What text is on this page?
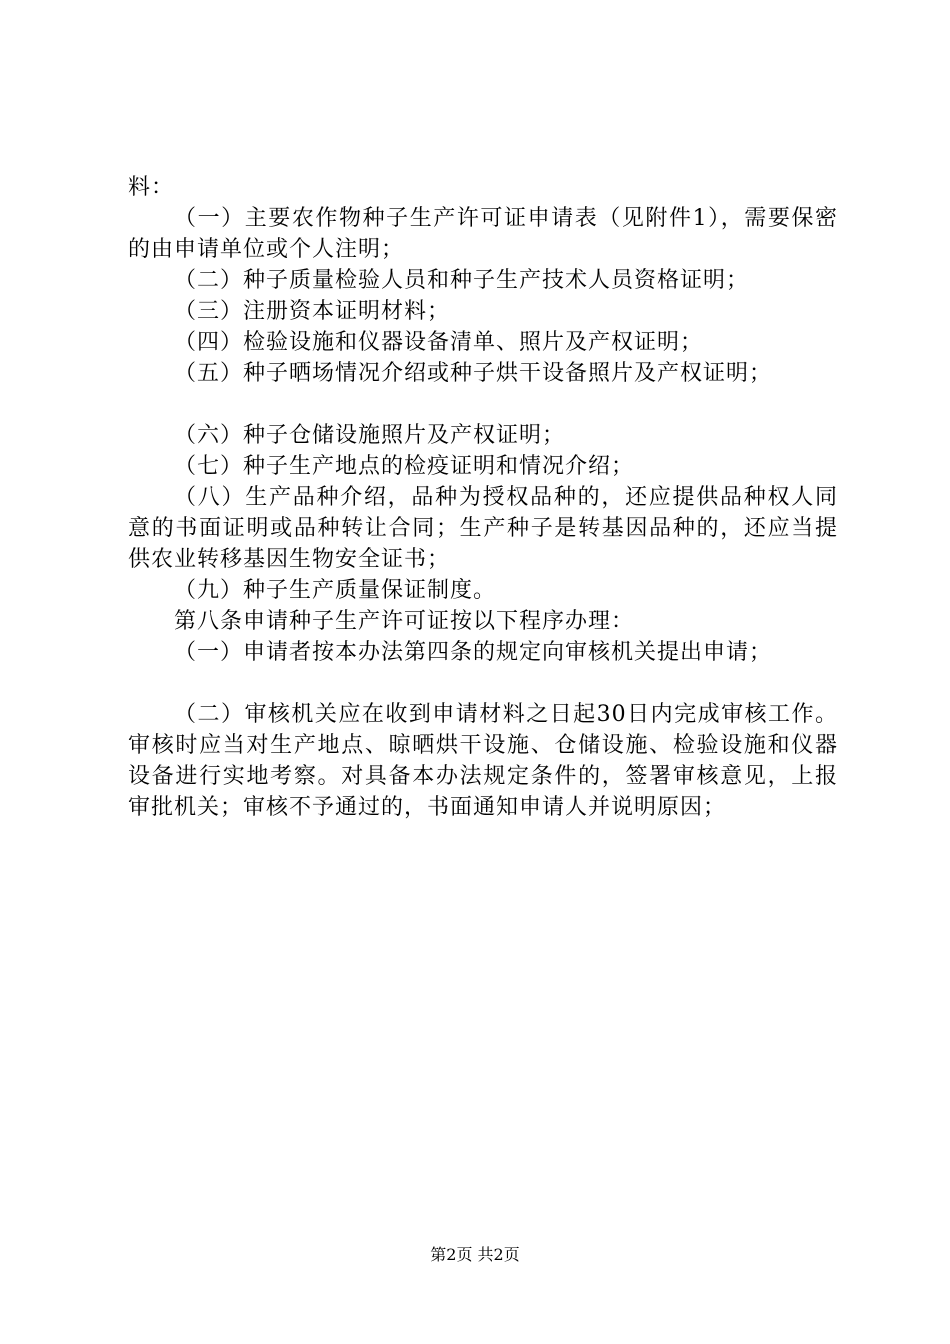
料：

（一）主要农作物种子生产许可证申请表（见附件1），需要保密的由申请单位或个人注明；

（二）种子质量检验人员和种子生产技术人员资格证明；

（三）注册资本证明材料；

（四）检验设施和仪器设备清单、照片及产权证明；

（五）种子晒场情况介绍或种子烘干设备照片及产权证明；

（六）种子仓储设施照片及产权证明；

（七）种子生产地点的检疫证明和情况介绍；

（八）生产品种介绍，品种为授权品种的，还应提供品种权人同意的书面证明或品种转让合同；生产种子是转基因品种的，还应当提供农业转移基因生物安全证书；

（九）种子生产质量保证制度。

第八条申请种子生产许可证按以下程序办理：

（一）申请者按本办法第四条的规定向审核机关提出申请；

（二）审核机关应在收到申请材料之日起30日内完成审核工作。审核时应当对生产地点、晾晒烘干设施、仓储设施、检验设施和仪器设备进行实地考察。对具备本办法规定条件的，签署审核意见，上报审批机关；审核不予通过的，书面通知申请人并说明原因；

第2页 共2页
